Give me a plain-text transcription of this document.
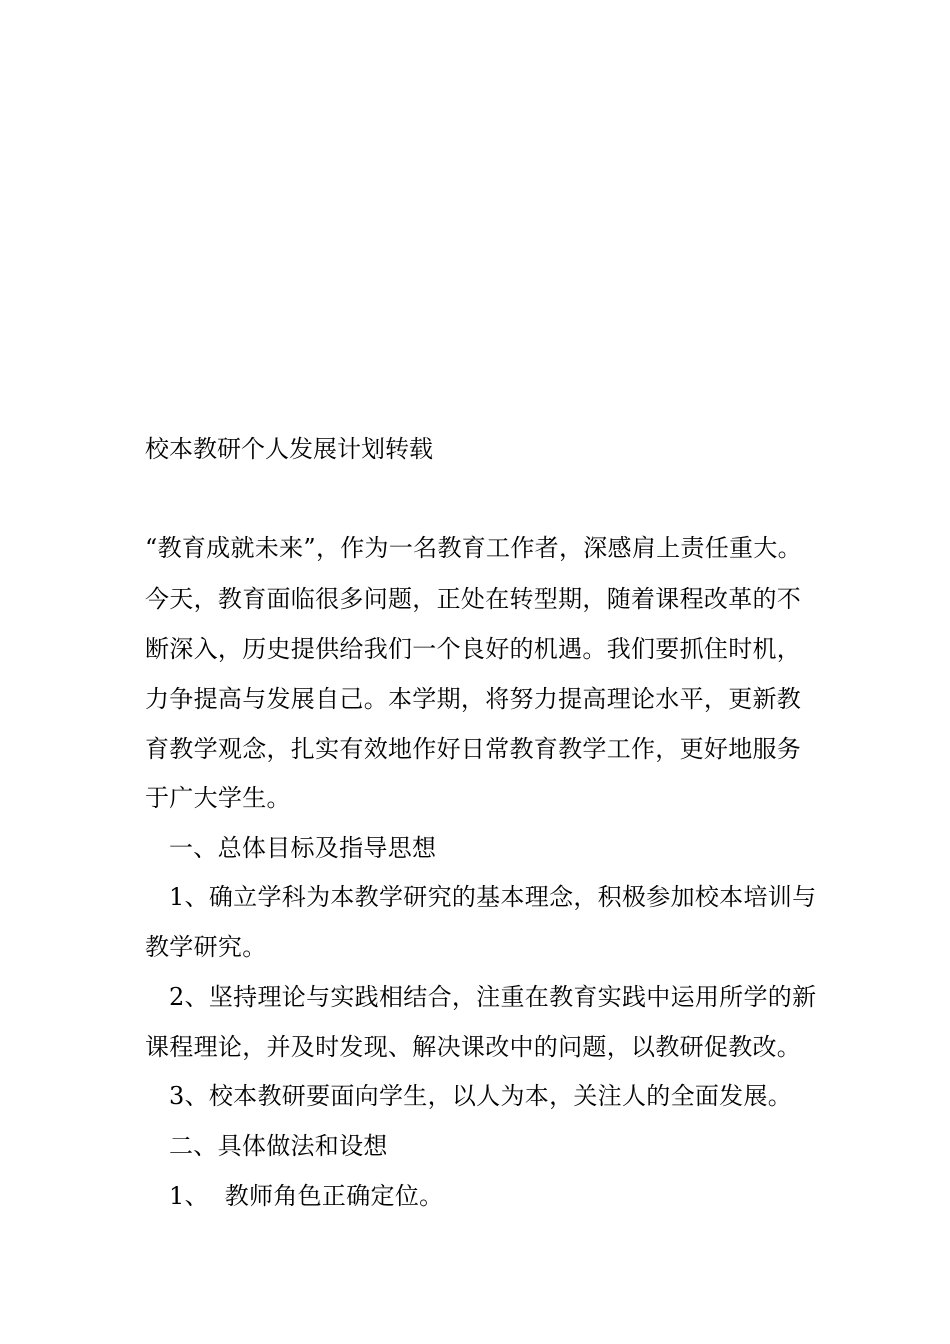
校本教研个人发展计划转载
“教育成就未来”，作为一名教育工作者，深感肩上责任重大。
今天，教育面临很多问题，正处在转型期，随着课程改革的不
断深入，历史提供给我们一个良好的机遇。我们要抓住时机，
力争提高与发展自己。本学期，将努力提高理论水平，更新教
育教学观念，扎实有效地作好日常教育教学工作，更好地服务
于广大学生。
一、总体目标及指导思想
1、确立学科为本教学研究的基本理念，积极参加校本培训与
教学研究。
2、坚持理论与实践相结合，注重在教育实践中运用所学的新
课程理论，并及时发现、解决课改中的问题，以教研促教改。
3、校本教研要面向学生，以人为本，关注人的全面发展。
二、具体做法和设想
1、  教师角色正确定位。
